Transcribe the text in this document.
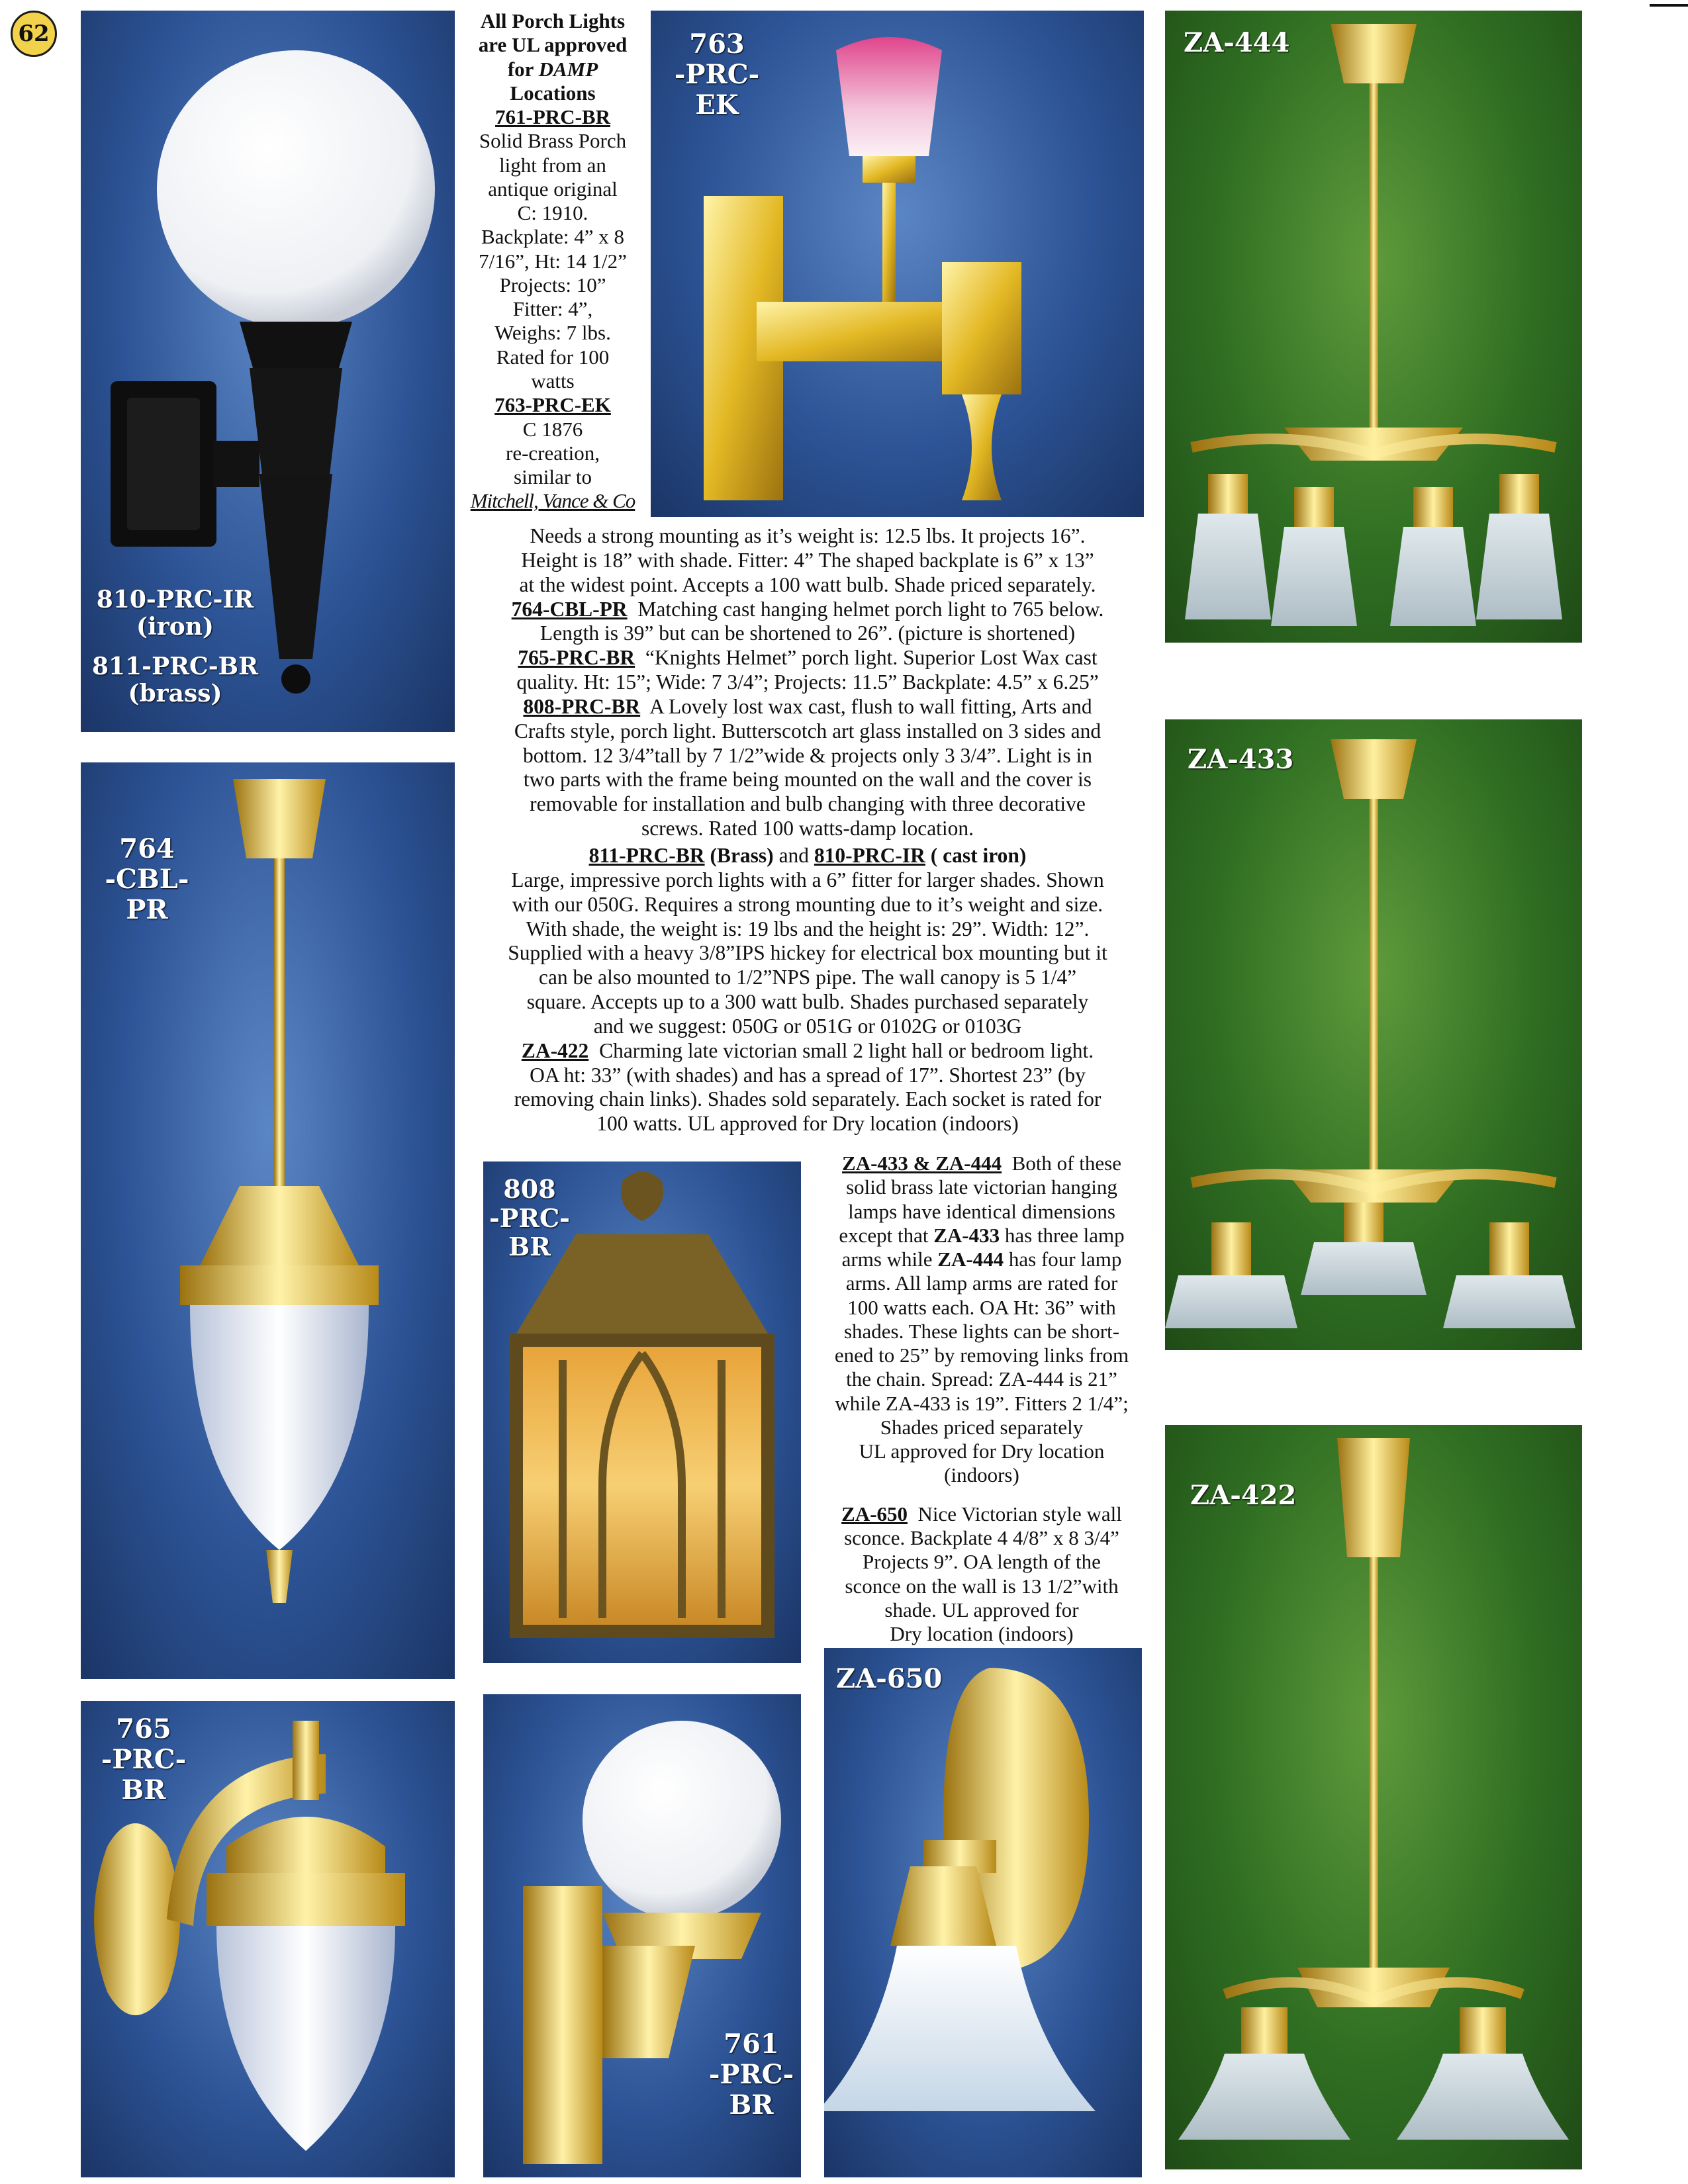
62
810-PRC-IR
(iron)
811-PRC-BR
(brass)
763
-PRC-
EK
ZA-444
764
-CBL-
PR
ZA-433
808
-PRC-
BR
ZA-422
765
-PRC-
BR
761
-PRC-
BR
ZA-650

All Porch Lights

are UL approved

for DAMP

Locations

761-PRC-BR

Solid Brass Porch

light from an

antique original

C: 1910.

Backplate: 4” x 8

7/16”, Ht: 14 1/2”

Projects: 10”

Fitter: 4”,

Weighs: 7 lbs.

Rated for 100

watts

763-PRC-EK

C 1876

re-creation,

similar to

Mitchell, Vance & Co

Needs a strong mounting as it’s weight is: 12.5 lbs. It projects 16”.

Height is 18” with shade. Fitter: 4” The shaped backplate is 6” x 13”

at the widest point. Accepts a 100 watt bulb. Shade priced separately.

764-CBL-PR Matching cast hanging helmet porch light to 765 below.

Length is 39” but can be shortened to 26”. (picture is shortened)

765-PRC-BR “Knights Helmet” porch light. Superior Lost Wax cast

quality. Ht: 15”; Wide: 7 3/4”; Projects: 11.5” Backplate: 4.5” x 6.25”

808-PRC-BR A Lovely lost wax cast, flush to wall fitting, Arts and

Crafts style, porch light. Butterscotch art glass installed on 3 sides and

bottom. 12 3/4”tall by 7 1/2”wide & projects only 3 3/4”. Light is in

two parts with the frame being mounted on the wall and the cover is

removable for installation and bulb changing with three decorative

screws. Rated 100 watts-damp location.

811-PRC-BR (Brass) and 810-PRC-IR ( cast iron)

Large, impressive porch lights with a 6” fitter for larger shades. Shown

with our 050G. Requires a strong mounting due to it’s weight and size.

With shade, the weight is: 19 lbs and the height is: 29”. Width: 12”.

Supplied with a heavy 3/8”IPS hickey for electrical box mounting but it

can be also mounted to 1/2”NPS pipe. The wall canopy is 5 1/4”

square. Accepts up to a 300 watt bulb. Shades purchased separately

and we suggest: 050G or 051G or 0102G or 0103G

ZA-422 Charming late victorian small 2 light hall or bedroom light.

OA ht: 33” (with shades) and has a spread of 17”. Shortest 23” (by

removing chain links). Shades sold separately. Each socket is rated for

100 watts. UL approved for Dry location (indoors)

ZA-433 & ZA-444 Both of these

solid brass late victorian hanging

lamps have identical dimensions

except that ZA-433 has three lamp

arms while ZA-444 has four lamp

arms. All lamp arms are rated for

100 watts each. OA Ht: 36” with

shades. These lights can be short-

ened to 25” by removing links from

the chain. Spread: ZA-444 is 21”

while ZA-433 is 19”. Fitters 2 1/4”;

Shades priced separately

UL approved for Dry location

(indoors)

ZA-650 Nice Victorian style wall

sconce. Backplate 4 4/8” x 8 3/4”

Projects 9”. OA length of the

sconce on the wall is 13 1/2”with

shade. UL approved for

Dry location (indoors)
